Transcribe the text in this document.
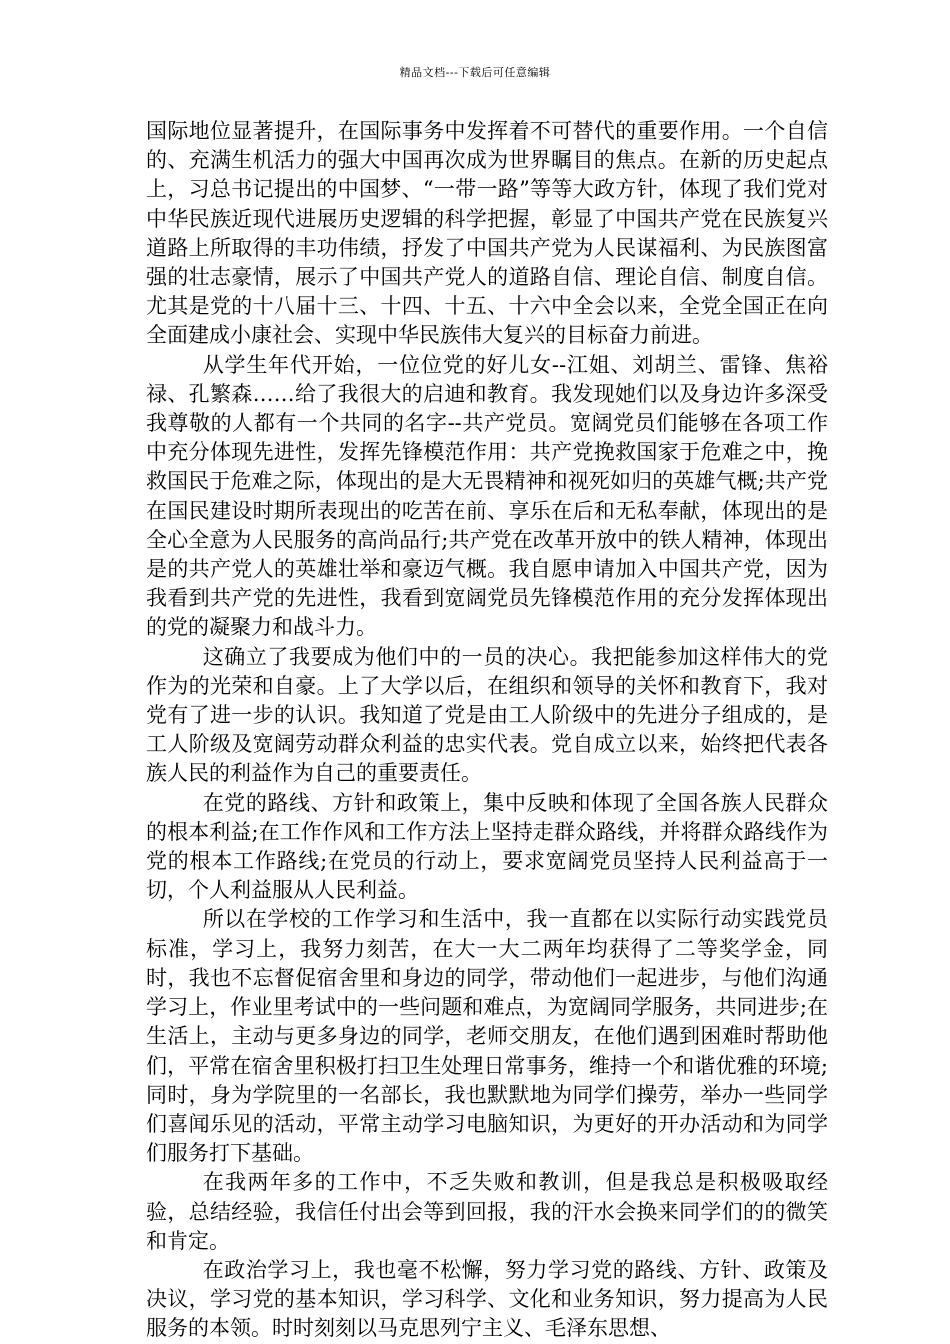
精品文档---下载后可任意编辑

国际地位显著提升，在国际事务中发挥着不可替代的重要作用。一个自信的、充满生机活力的强大中国再次成为世界瞩目的焦点。在新的历史起点上，习总书记提出的中国梦、“一带一路”等等大政方针，体现了我们党对中华民族近现代进展历史逻辑的科学把握，彰显了中国共产党在民族复兴道路上所取得的丰功伟绩，抒发了中国共产党为人民谋福利、为民族图富强的壮志豪情，展示了中国共产党人的道路自信、理论自信、制度自信。尤其是党的十八届十三、十四、十五、十六中全会以来，全党全国正在向全面建成小康社会、实现中华民族伟大复兴的目标奋力前进。

从学生年代开始，一位位党的好儿女--江姐、刘胡兰、雷锋、焦裕禄、孔繁森……给了我很大的启迪和教育。我发现她们以及身边许多深受我尊敬的人都有一个共同的名字--共产党员。宽阔党员们能够在各项工作中充分体现先进性，发挥先锋模范作用：共产党挽救国家于危难之中，挽救国民于危难之际，体现出的是大无畏精神和视死如归的英雄气概;共产党在国民建设时期所表现出的吃苦在前、享乐在后和无私奉献，体现出的是全心全意为人民服务的高尚品行;共产党在改革开放中的铁人精神，体现出是的共产党人的英雄壮举和豪迈气概。我自愿申请加入中国共产党，因为我看到共产党的先进性，我看到宽阔党员先锋模范作用的充分发挥体现出的党的凝聚力和战斗力。

这确立了我要成为他们中的一员的决心。我把能参加这样伟大的党作为的光荣和自豪。上了大学以后，在组织和领导的关怀和教育下，我对党有了进一步的认识。我知道了党是由工人阶级中的先进分子组成的，是工人阶级及宽阔劳动群众利益的忠实代表。党自成立以来，始终把代表各族人民的利益作为自己的重要责任。

在党的路线、方针和政策上，集中反映和体现了全国各族人民群众的根本利益;在工作作风和工作方法上坚持走群众路线，并将群众路线作为党的根本工作路线;在党员的行动上，要求宽阔党员坚持人民利益高于一切，个人利益服从人民利益。

所以在学校的工作学习和生活中，我一直都在以实际行动实践党员标准，学习上，我努力刻苦，在大一大二两年均获得了二等奖学金，同时，我也不忘督促宿舍里和身边的同学，带动他们一起进步，与他们沟通学习上，作业里考试中的一些问题和难点，为宽阔同学服务，共同进步;在生活上，主动与更多身边的同学，老师交朋友，在他们遇到困难时帮助他们，平常在宿舍里积极打扫卫生处理日常事务，维持一个和谐优雅的环境;同时，身为学院里的一名部长，我也默默地为同学们操劳，举办一些同学们喜闻乐见的活动，平常主动学习电脑知识，为更好的开办活动和为同学们服务打下基础。

在我两年多的工作中，不乏失败和教训，但是我总是积极吸取经验，总结经验，我信任付出会等到回报，我的汗水会换来同学们的的微笑和肯定。

在政治学习上，我也毫不松懈，努力学习党的路线、方针、政策及决议，学习党的基本知识，学习科学、文化和业务知识，努力提高为人民服务的本领。时时刻刻以马克思列宁主义、毛泽东思想、
